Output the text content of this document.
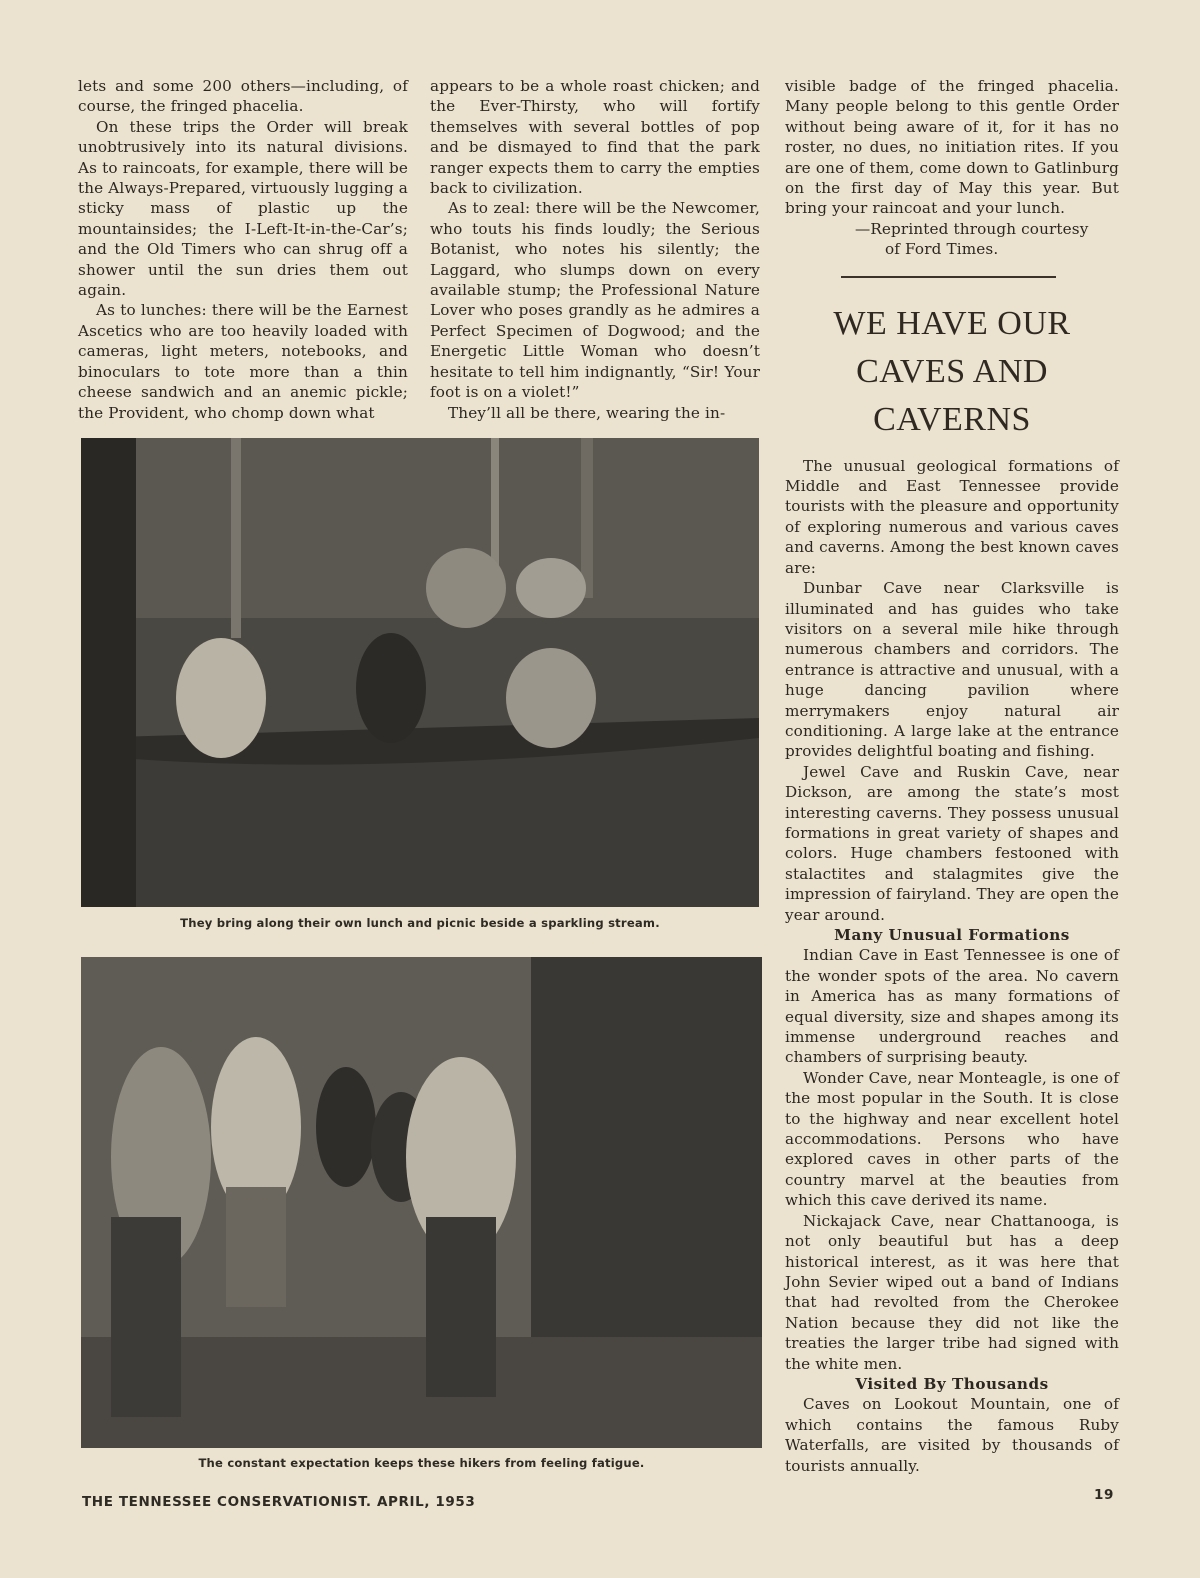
lets and some 200 others—including, of course, the fringed phacelia.

On these trips the Order will break unobtrusively into its natural divisions. As to raincoats, for example, there will be the Always-Prepared, virtuously lugging a sticky mass of plastic up the mountainsides; the I-Left-It-in-the-Car’s; and the Old Timers who can shrug off a shower until the sun dries them out again.

As to lunches: there will be the Earnest Ascetics who are too heavily loaded with cameras, light meters, notebooks, and binoculars to tote more than a thin cheese sandwich and an anemic pickle; the Provident, who chomp down what

appears to be a whole roast chicken; and the Ever-Thirsty, who will fortify themselves with several bottles of pop and be dismayed to find that the park ranger expects them to carry the empties back to civilization.

As to zeal: there will be the Newcomer, who touts his finds loudly; the Serious Botanist, who notes his silently; the Laggard, who slumps down on every available stump; the Professional Nature Lover who poses grandly as he admires a Perfect Specimen of Dogwood; and the Energetic Little Woman who doesn’t hesitate to tell him indignantly, “Sir! Your foot is on a violet!”

They’ll all be there, wearing the in-

visible badge of the fringed phacelia. Many people belong to this gentle Order without being aware of it, for it has no roster, no dues, no initiation rites. If you are one of them, come down to Gatlinburg on the first day of May this year. But bring your raincoat and your lunch.

—Reprinted through courtesy

of Ford Times.

WE HAVE OUR
CAVES AND
CAVERNS

The unusual geological formations of Middle and East Tennessee provide tourists with the pleasure and opportunity of exploring numerous and various caves and caverns. Among the best known caves are:

Dunbar Cave near Clarksville is illuminated and has guides who take visitors on a several mile hike through numerous chambers and corridors. The entrance is attractive and unusual, with a huge dancing pavilion where merrymakers enjoy natural air conditioning. A large lake at the entrance provides delightful boating and fishing.

Jewel Cave and Ruskin Cave, near Dickson, are among the state’s most interesting caverns. They possess unusual formations in great variety of shapes and colors. Huge chambers festooned with stalactites and stalagmites give the impression of fairyland. They are open the year around.

Many Unusual Formations

Indian Cave in East Tennessee is one of the wonder spots of the area. No cavern in America has as many formations of equal diversity, size and shapes among its immense underground reaches and chambers of surprising beauty.

Wonder Cave, near Monteagle, is one of the most popular in the South. It is close to the highway and near excellent hotel accommodations. Persons who have explored caves in other parts of the country marvel at the beauties from which this cave derived its name.

Nickajack Cave, near Chattanooga, is not only beautiful but has a deep historical interest, as it was here that John Sevier wiped out a band of Indians that had revolted from the Cherokee Nation because they did not like the treaties the larger tribe had signed with the white men.

Visited By Thousands

Caves on Lookout Mountain, one of which contains the famous Ruby Waterfalls, are visited by thousands of tourists annually.

They bring along their own lunch and picnic beside a sparkling stream.
The constant expectation keeps these hikers from feeling fatigue.
THE TENNESSEE CONSERVATIONIST. APRIL, 1953	19
